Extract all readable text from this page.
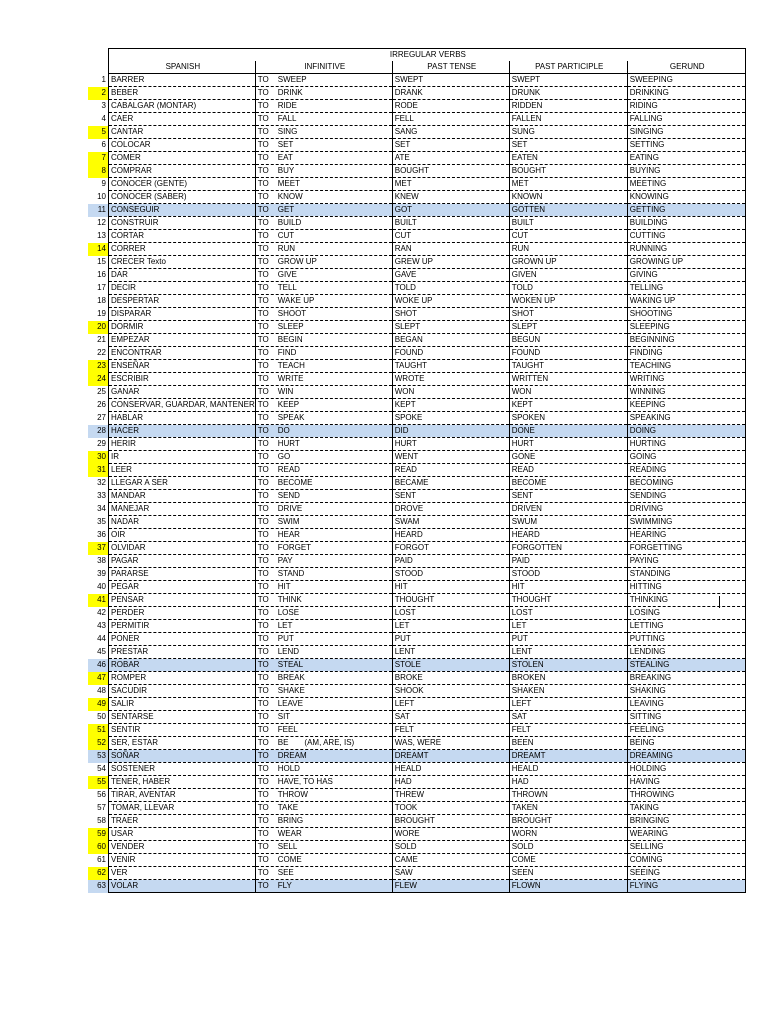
	IRREGULAR VERBS				
	SPANISH	INFINITIVE	PAST TENSE	PAST PARTICIPLE	GERUND
1	BARRER	TO SWEEP	SWEPT	SWEPT	SWEEPING
2	BEBER	TO DRINK	DRANK	DRUNK	DRINKING
3	CABALGAR (MONTAR)	TO RIDE	RODE	RIDDEN	RIDING
4	CAER	TO FALL	FELL	FALLEN	FALLING
5	CANTAR	TO SING	SANG	SUNG	SINGING
6	COLOCAR	TO SET	SET	SET	SETTING
7	COMER	TO EAT	ATE	EATEN	EATING
8	COMPRAR	TO BUY	BOUGHT	BOUGHT	BUYING
9	CONOCER (GENTE)	TO MEET	MET	MET	MEETING
10	CONOCER (SABER)	TO KNOW	KNEW	KNOWN	KNOWING
11	CONSEGUIR	TO GET	GOT	GOTTEN	GETTING
12	CONSTRUIR	TO BUILD	BUILT	BUILT	BUILDING
13	CORTAR	TO CUT	CUT	CUT	CUTTING
14	CORRER	TO RUN	RAN	RUN	RUNNING
15	CRECER Texto	TO GROW UP	GREW UP	GROWN UP	GROWING UP
16	DAR	TO GIVE	GAVE	GIVEN	GIVING
17	DECIR	TO TELL	TOLD	TOLD	TELLING
18	DESPERTAR	TO WAKE UP	WOKE UP	WOKEN UP	WAKING UP
19	DISPARAR	TO SHOOT	SHOT	SHOT	SHOOTING
20	DORMIR	TO SLEEP	SLEPT	SLEPT	SLEEPING
21	EMPEZAR	TO BEGIN	BEGAN	BEGUN	BEGINNING
22	ENCONTRAR	TO FIND	FOUND	FOUND	FINDING
23	ENSEÑAR	TO TEACH	TAUGHT	TAUGHT	TEACHING
24	ESCRIBIR	TO WRITE	WROTE	WRITTEN	WRITING
25	GANAR	TO WIN	WON	WON	WINNING
26	CONSERVAR, GUARDAR, MANTENER	TO KEEP	KEPT	KEPT	KEEPING
27	HABLAR	TO SPEAK	SPOKE	SPOKEN	SPEAKING
28	HACER	TO DO	DID	DONE	DOING
29	HERIR	TO HURT	HURT	HURT	HURTING
30	IR	TO GO	WENT	GONE	GOING
31	LEER	TO READ	READ	READ	READING
32	LLEGAR A SER	TO BECOME	BECAME	BECOME	BECOMING
33	MANDAR	TO SEND	SENT	SENT	SENDING
34	MANEJAR	TO DRIVE	DROVE	DRIVEN	DRIVING
35	NADAR	TO SWIM	SWAM	SWUM	SWIMMING
36	OIR	TO HEAR	HEARD	HEARD	HEARING
37	OLVIDAR	TO FORGET	FORGOT	FORGOTTEN	FORGETTING
38	PAGAR	TO PAY	PAID	PAID	PAYING
39	PARARSE	TO STAND	STOOD	STOOD	STANDING
40	PEGAR	TO HIT	HIT	HIT	HITTING
41	PENSAR	TO THINK	THOUGHT	THOUGHT	THINKING
42	PERDER	TO LOSE	LOST	LOST	LOSING
43	PERMITIR	TO LET	LET	LET	LETTING
44	PONER	TO PUT	PUT	PUT	PUTTING
45	PRESTAR	TO LEND	LENT	LENT	LENDING
46	ROBAR	TO STEAL	STOLE	STOLEN	STEALING
47	ROMPER	TO BREAK	BROKE	BROKEN	BREAKING
48	SACUDIR	TO SHAKE	SHOOK	SHAKEN	SHAKING
49	SALIR	TO LEAVE	LEFT	LEFT	LEAVING
50	SENTARSE	TO SIT	SAT	SAT	SITTING
51	SENTIR	TO FEEL	FELT	FELT	FEELING
52	SER, ESTAR	TO BE (AM, ARE, IS)	WAS, WERE	BEEN	BEING
53	SOÑAR	TO DREAM	DREAMT	DREAMT	DREAMING
54	SOSTENER	TO HOLD	HEALD	HEALD	HOLDING
55	TENER, HABER	TO HAVE, TO HAS	HAD	HAD	HAVING
56	TIRAR, AVENTAR	TO THROW	THREW	THROWN	THROWING
57	TOMAR, LLEVAR	TO TAKE	TOOK	TAKEN	TAKING
58	TRAER	TO BRING	BROUGHT	BROUGHT	BRINGING
59	USAR	TO WEAR	WORE	WORN	WEARING
60	VENDER	TO SELL	SOLD	SOLD	SELLING
61	VENIR	TO COME	CAME	COME	COMING
62	VER	TO SEE	SAW	SEEN	SEEING
63	VOLAR	TO FLY	FLEW	FLOWN	FLYING
